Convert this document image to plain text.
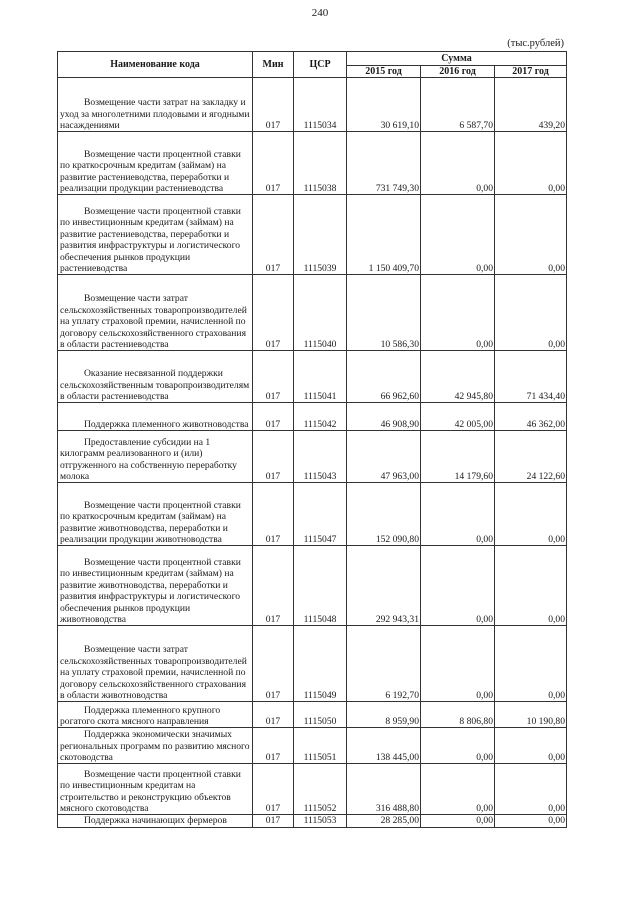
240
(тыс.рублей)
Наименование кода	Мин	ЦСР	Сумма		
			2015 год	2016 год	2017 год

Возмещение части затрат на закладку и уход за многолетними плодовыми и ягодными насаждениями	017	1115034	30 619,10	6 587,70	439,20

Возмещение части процентной ставки по краткосрочным кредитам (займам) на развитие растениеводства, переработки и реализации продукции растениеводства	017	1115038	731 749,30	0,00	0,00

Возмещение части процентной ставки по инвестиционным кредитам (займам) на развитие растениеводства, переработки и развития инфраструктуры и логистического обеспечения рынков продукции растениеводства	017	1115039	1 150 409,70	0,00	0,00

Возмещение части затрат сельскохозяйственных товаропроизводителей на уплату страховой премии, начисленной по договору сельскохозяйственного страхования в области растениеводства	017	1115040	10 586,30	0,00	0,00

Оказание несвязанной поддержки сельскохозяйственным товаропроизводителям в области растениеводства	017	1115041	66 962,60	42 945,80	71 434,40

Поддержка племенного животноводства	017	1115042	46 908,90	42 005,00	46 362,00

Предоставление субсидии на 1 килограмм реализованного и (или) отгруженного на собственную переработку молока	017	1115043	47 963,00	14 179,60	24 122,60

Возмещение части процентной ставки по краткосрочным кредитам (займам) на развитие животноводства, переработки и реализации продукции животноводства	017	1115047	152 090,80	0,00	0,00

Возмещение части процентной ставки по инвестиционным кредитам (займам) на развитие животноводства, переработки и развития инфраструктуры и логистического обеспечения рынков продукции животноводства	017	1115048	292 943,31	0,00	0,00

Возмещение части затрат сельскохозяйственных товаропроизводителей на уплату страховой премии, начисленной по договору сельскохозяйственного страхования в области животноводства	017	1115049	6 192,70	0,00	0,00

Поддержка племенного крупного рогатого скота мясного направления	017	1115050	8 959,90	8 806,80	10 190,80

Поддержка экономически значимых региональных программ по развитию мясного скотоводства	017	1115051	138 445,00	0,00	0,00

Возмещение части процентной ставки по инвестиционным кредитам на строительство и реконструкцию объектов мясного скотоводства	017	1115052	316 488,80	0,00	0,00

Поддержка начинающих фермеров	017	1115053	28 285,00	0,00	0,00
